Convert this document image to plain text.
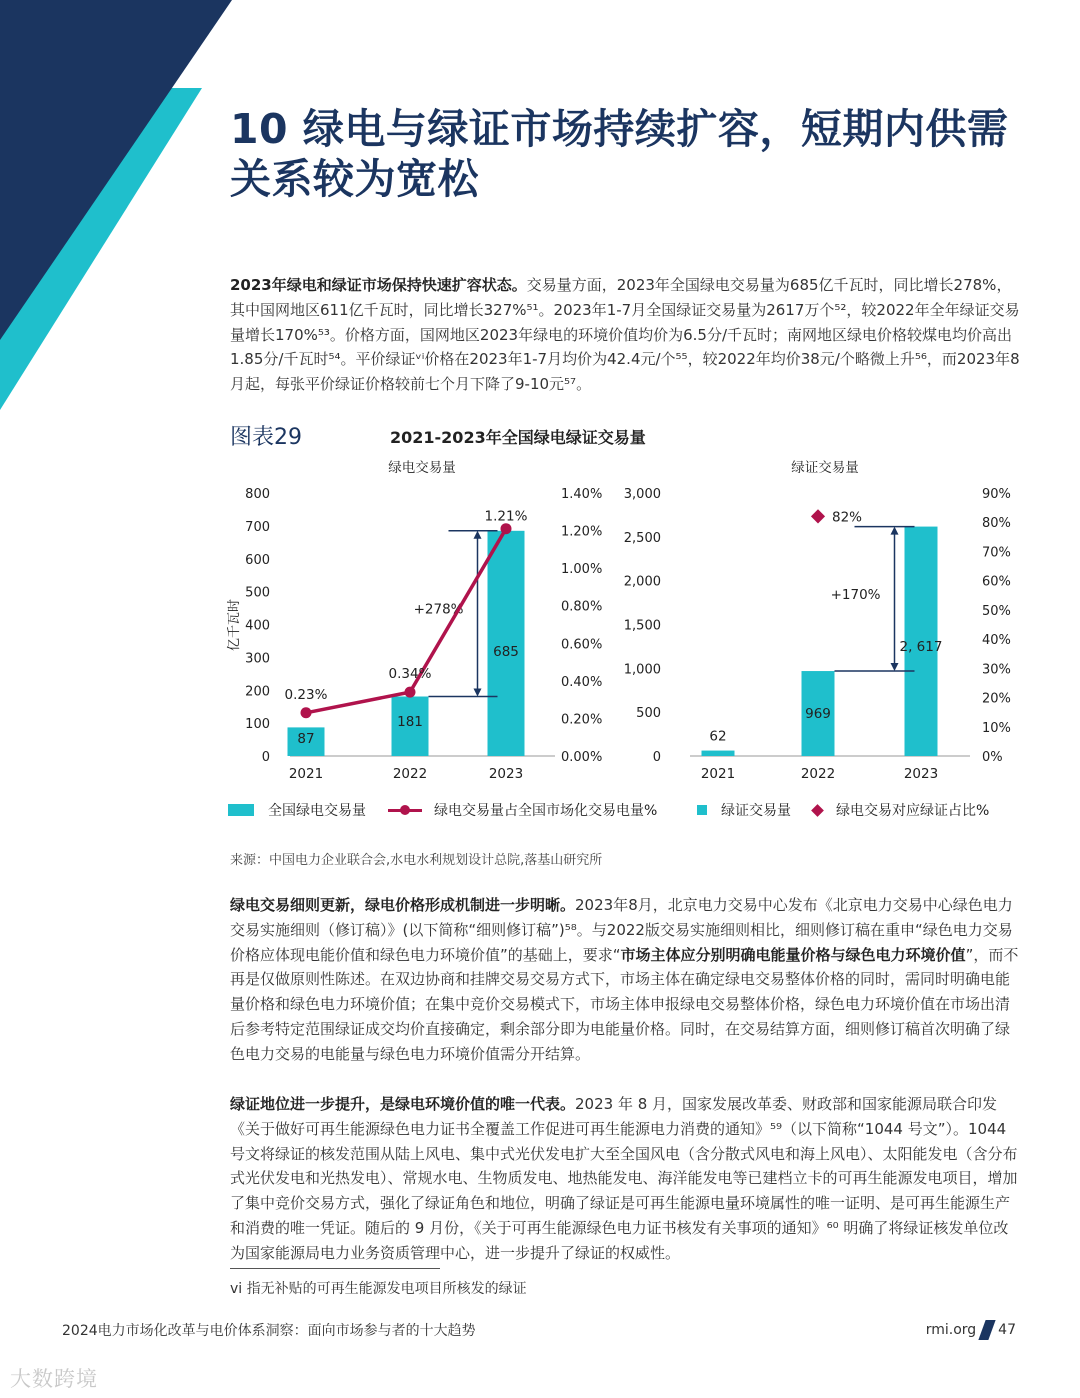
10 绿电与绿证市场持续扩容，短期内供需关系较为宽松
2023年绿电和绿证市场保持快速扩容状态。交易量方面，2023年全国绿电交易量为685亿千瓦时，同比增长278%，其中国网地区611亿千瓦时，同比增长327%⁵¹。2023年1-7月全国绿证交易量为2617万个⁵²，较2022年全年绿证交易量增长170%⁵³。价格方面，国网地区2023年绿电的环境价值均价为6.5分/千瓦时；南网地区绿电价格较煤电均价高出1.85分/千瓦时⁵⁴。平价绿证ᵛⁱ价格在2023年1-7月均价为42.4元/个⁵⁵，较2022年均价38元/个略微上升⁵⁶，而2023年8月起，每张平价绿证价格较前七个月下降了9-10元⁵⁷。
图表29	2021-2023年全国绿电绿证交易量
绿电交易量
0
100
200
300
400
500
600
700
800
0.00%
0.20%
0.40%
0.60%
0.80%
1.00%
1.20%
1.40%
亿千瓦时
87
2021
181
2022
685
2023
+278%
0.23%
0.34%
1.21%
绿证交易量
0
500
1,000
1,500
2,000
2,500
3,000
0%
10%
20%
30%
40%
50%
60%
70%
80%
90%
62
2021
969
2022
2, 617
2023
+170%
82%
全国绿电交易量	绿电交易量占全国市场化交易电量%	绿证交易量	绿电交易对应绿证占比%
来源：中国电力企业联合会,水电水利规划设计总院,落基山研究所
绿电交易细则更新，绿电价格形成机制进一步明晰。2023年8月，北京电力交易中心发布《北京电力交易中心绿色电力交易实施细则（修订稿）》(以下简称“细则修订稿”)⁵⁸。与2022版交易实施细则相比，细则修订稿在重申“绿色电力交易价格应体现电能价值和绿色电力环境价值”的基础上，要求“市场主体应分别明确电能量价格与绿色电力环境价值”，而不再是仅做原则性陈述。在双边协商和挂牌交易交易方式下，市场主体在确定绿电交易整体价格的同时，需同时明确电能量价格和绿色电力环境价值；在集中竞价交易模式下，市场主体申报绿电交易整体价格，绿色电力环境价值在市场出清后参考特定范围绿证成交均价直接确定，剩余部分即为电能量价格。同时，在交易结算方面，细则修订稿首次明确了绿色电力交易的电能量与绿色电力环境价值需分开结算。
绿证地位进一步提升，是绿电环境价值的唯一代表。2023 年 8 月，国家发展改革委、财政部和国家能源局联合印发《关于做好可再生能源绿色电力证书全覆盖工作促进可再生能源电力消费的通知》⁵⁹（以下简称“1044 号文”）。1044 号文将绿证的核发范围从陆上风电、集中式光伏发电扩大至全国风电（含分散式风电和海上风电）、太阳能发电（含分布式光伏发电和光热发电）、常规水电、生物质发电、地热能发电、海洋能发电等已建档立卡的可再生能源发电项目，增加了集中竞价交易方式，强化了绿证角色和地位，明确了绿证是可再生能源电量环境属性的唯一证明、是可再生能源生产和消费的唯一凭证。随后的 9 月份，《关于可再生能源绿色电力证书核发有关事项的通知》⁶⁰ 明确了将绿证核发单位改为国家能源局电力业务资质管理中心，进一步提升了绿证的权威性。
vi 指无补贴的可再生能源发电项目所核发的绿证
2024电力市场化改革与电价体系洞察：面向市场参与者的十大趋势	rmi.org 47
大数跨境
